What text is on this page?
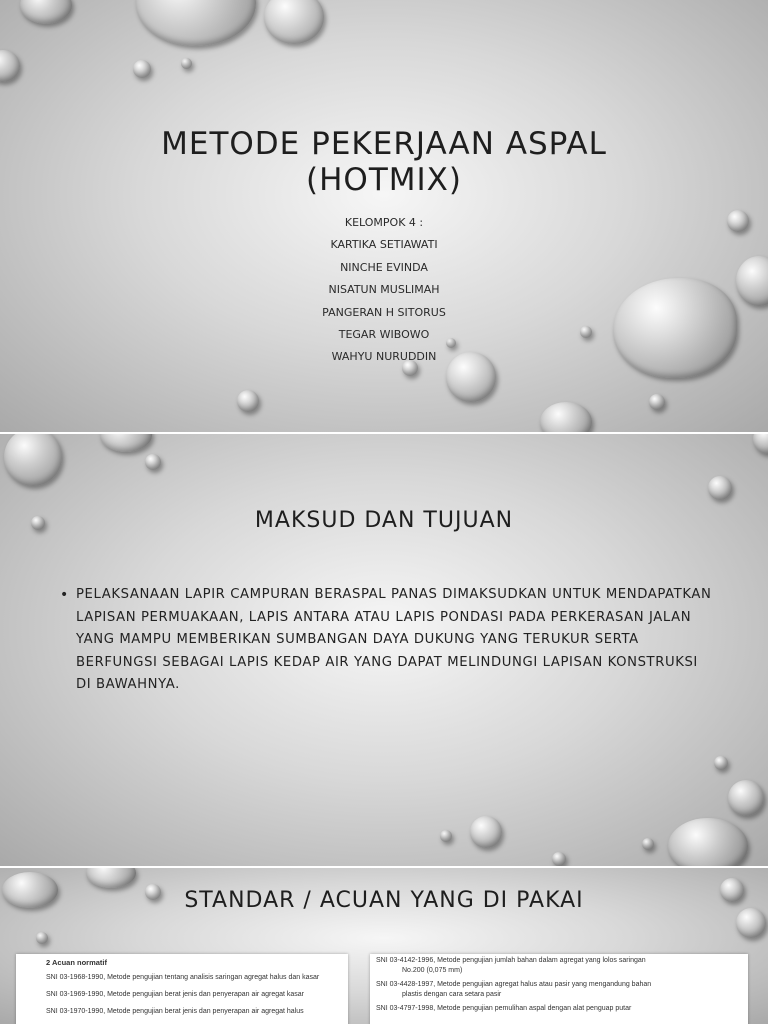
METODE PEKERJAAN ASPAL
(HOTMIX)
KELOMPOK 4 :
KARTIKA SETIAWATI
NINCHE EVINDA
NISATUN MUSLIMAH
PANGERAN H SITORUS
TEGAR WIBOWO
WAHYU NURUDDIN
MAKSUD DAN TUJUAN
• PELAKSANAAN LAPIR CAMPURAN BERASPAL PANAS DIMAKSUDKAN UNTUK MENDAPATKAN LAPISAN PERMUAKAAN, LAPIS ANTARA ATAU LAPIS PONDASI PADA PERKERASAN JALAN YANG MAMPU MEMBERIKAN SUMBANGAN DAYA DUKUNG YANG TERUKUR SERTA BERFUNGSI SEBAGAI LAPIS KEDAP AIR YANG DAPAT MELINDUNGI LAPISAN KONSTRUKSI DI BAWAHNYA.
STANDAR / ACUAN YANG DI PAKAI
2 Acuan normatif
SNI 03-1968-1990, Metode pengujian tentang analisis saringan agregat halus dan kasar
SNI 03-1969-1990, Metode pengujian berat jenis dan penyerapan air agregat kasar
SNI 03-1970-1990, Metode pengujian berat jenis dan penyerapan air agregat halus
SNI 03-4142-1996, Metode pengujian jumlah bahan dalam agregat yang lolos saringan
No.200 (0,075 mm)
SNI 03-4428-1997, Metode pengujian agregat halus atau pasir yang mengandung bahan
plastis dengan cara setara pasir
SNI 03-4797-1998, Metode pengujian pemulihan aspal dengan alat penguap putar
